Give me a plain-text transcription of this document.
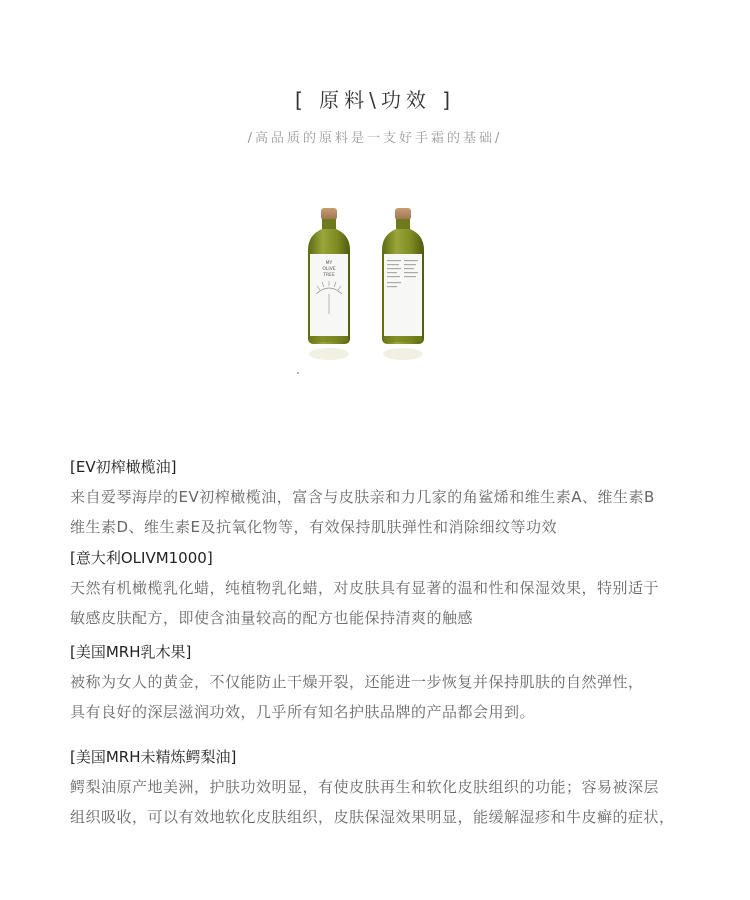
[ 原料\功效 ]
/高品质的原料是一支好手霜的基础/
MY
OLIVE
TREE
[EV初榨橄榄油]
来自爱琴海岸的EV初榨橄榄油，富含与皮肤亲和力几家的角鲨烯和维生素A、维生素B
维生素D、维生素E及抗氧化物等，有效保持肌肤弹性和消除细纹等功效
[意大利OLIVM1000]
天然有机橄榄乳化蜡，纯植物乳化蜡，对皮肤具有显著的温和性和保湿效果，特别适于
敏感皮肤配方，即使含油量较高的配方也能保持清爽的触感
[美国MRH乳木果]
被称为女人的黄金，不仅能防止干燥开裂，还能进一步恢复并保持肌肤的自然弹性，
具有良好的深层滋润功效，几乎所有知名护肤品牌的产品都会用到。
[美国MRH未精炼鳄梨油]
鳄梨油原产地美洲，护肤功效明显，有使皮肤再生和软化皮肤组织的功能；容易被深层
组织吸收，可以有效地软化皮肤组织，皮肤保湿效果明显，能缓解湿疹和牛皮癣的症状，
